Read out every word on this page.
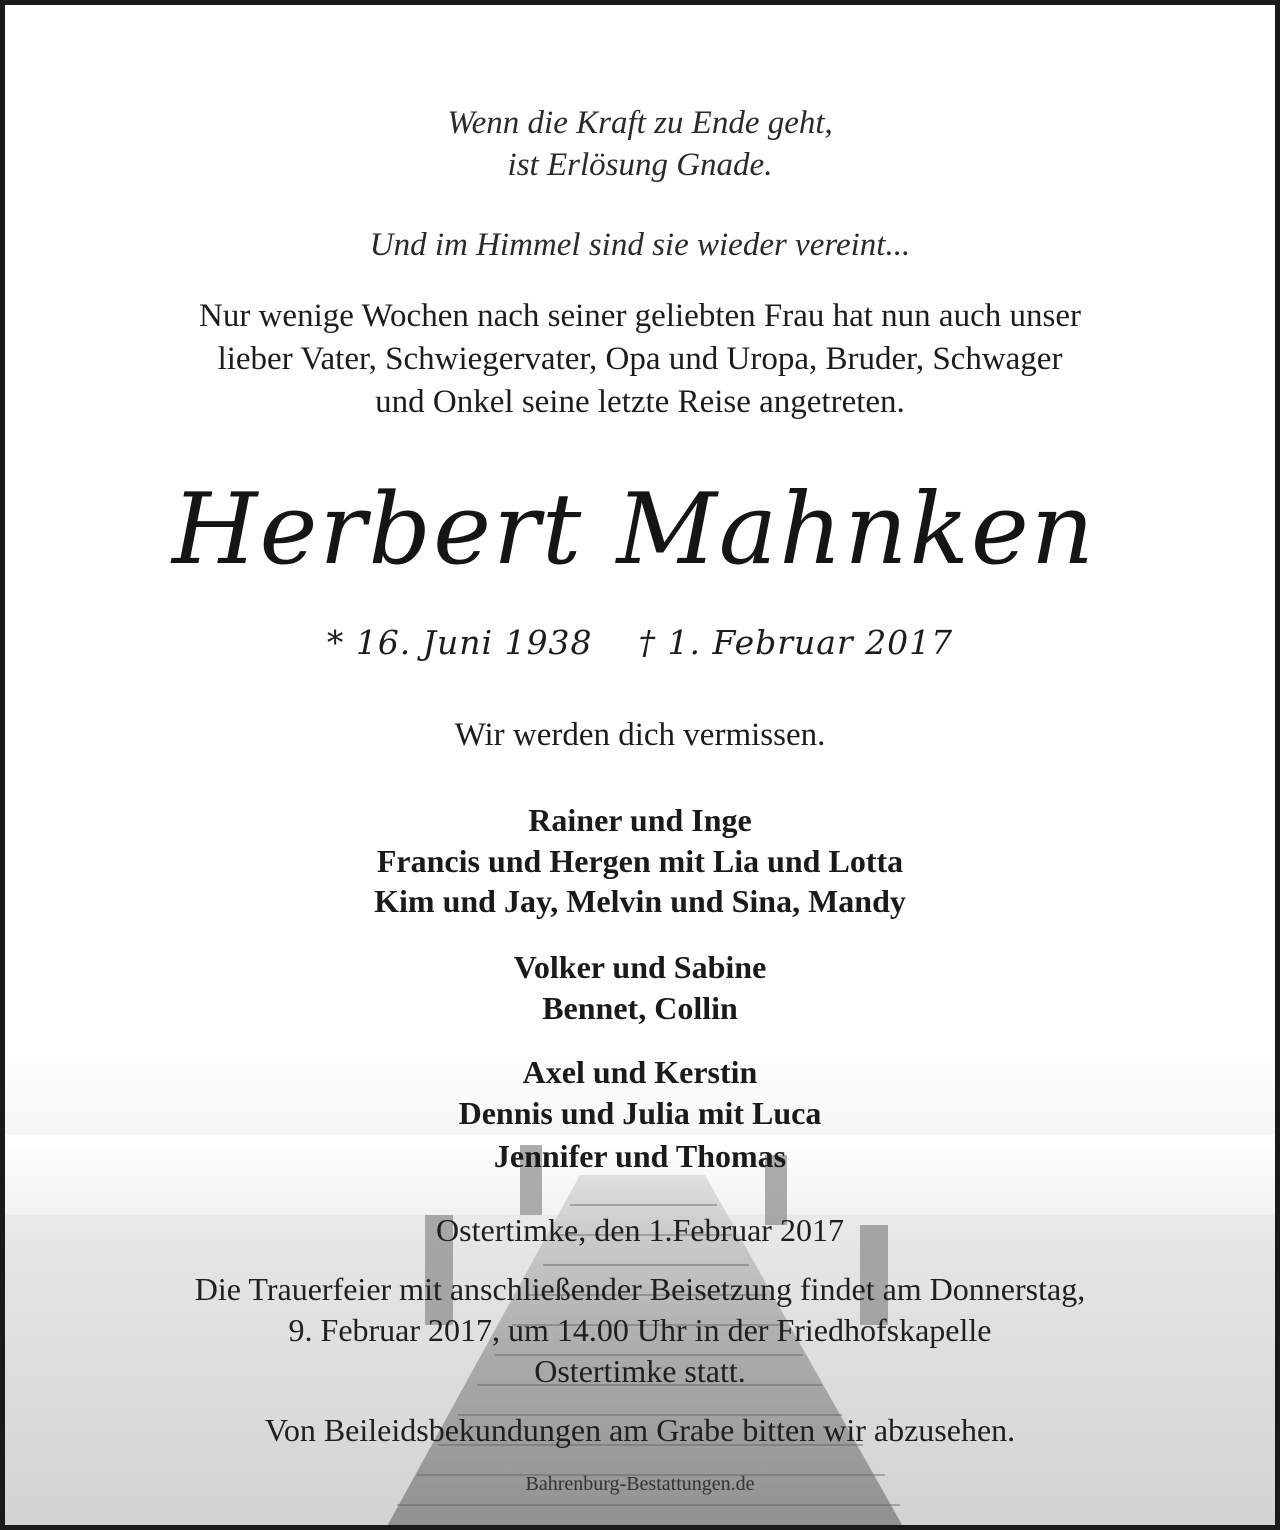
Wenn die Kraft zu Ende geht,

ist Erlösung Gnade.

Und im Himmel sind sie wieder vereint...

Nur wenige Wochen nach seiner geliebten Frau hat nun auch unser

lieber Vater, Schwiegervater, Opa und Uropa, Bruder, Schwager

und Onkel seine letzte Reise angetreten.

Herbert Mahnken

* 16. Juni 1938    † 1. Februar 2017

Wir werden dich vermissen.

Rainer und Inge

Francis und Hergen mit Lia und Lotta

Kim und Jay, Melvin und Sina, Mandy

Volker und Sabine

Bennet, Collin

Axel und Kerstin

Dennis und Julia mit Luca

Jennifer und Thomas

Ostertimke, den 1.Februar 2017

Die Trauerfeier mit anschließender Beisetzung findet am Donnerstag,

9. Februar 2017, um 14.00 Uhr in der Friedhofskapelle

Ostertimke statt.

Von Beileidsbekundungen am Grabe bitten wir abzusehen.

Bahrenburg-Bestattungen.de
